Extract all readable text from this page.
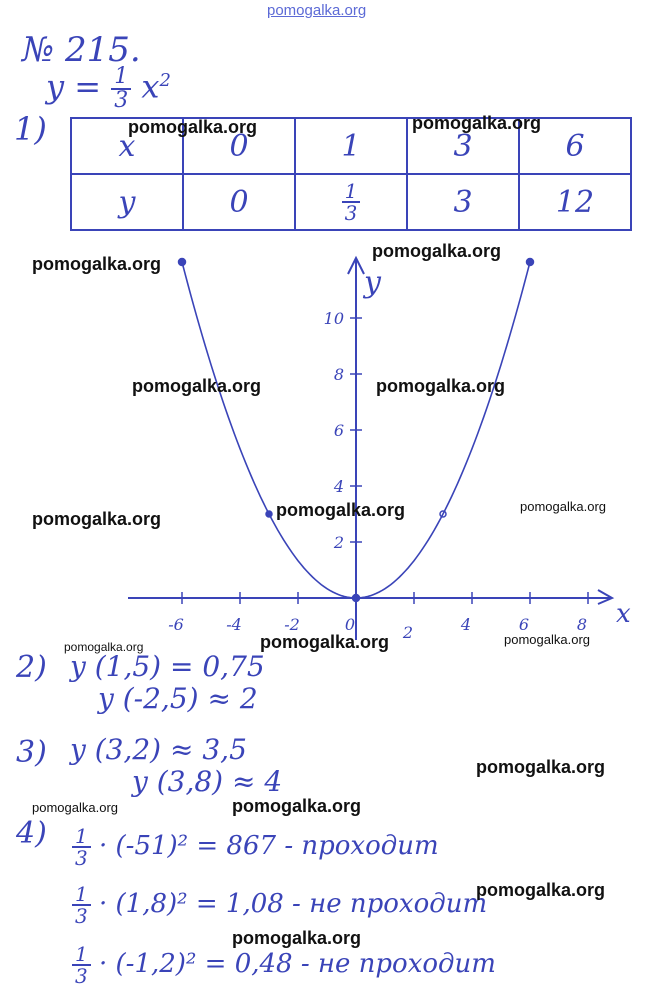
pomogalka.org
№ 215.
1)
$y = \frac{1}{3} x^2$
x	0	1	3	6
y	0	$\frac{1}{3}$	3	12
x
y
-6	-4	-2	0	2	4	6	8
2
4
6
8
10
2) y (1,5) = 0,75
y (-2,5) ≈ 2
3) y (3,2) ≈ 3,5
y (3,8) ≈ 4
$4) \frac{1}{3} \cdot (-51)^2 = 867$ - проходит
$\frac{1}{3} \cdot (1,8)^2 = 1,08$ - не проходит
$\frac{1}{3} \cdot (-1,2)^2 = 0,48$ - не проходит
pomogalka.org	pomogalka.org
pomogalka.org
pomogalka.org
pomogalka.org	pomogalka.org
pomogalka.org
pomogalka.org
pomogalka.org
pomogalka.org	pomogalka.org	pomogalka.org
pomogalka.org
pomogalka.org	pomogalka.org
pomogalka.org
pomogalka.org
